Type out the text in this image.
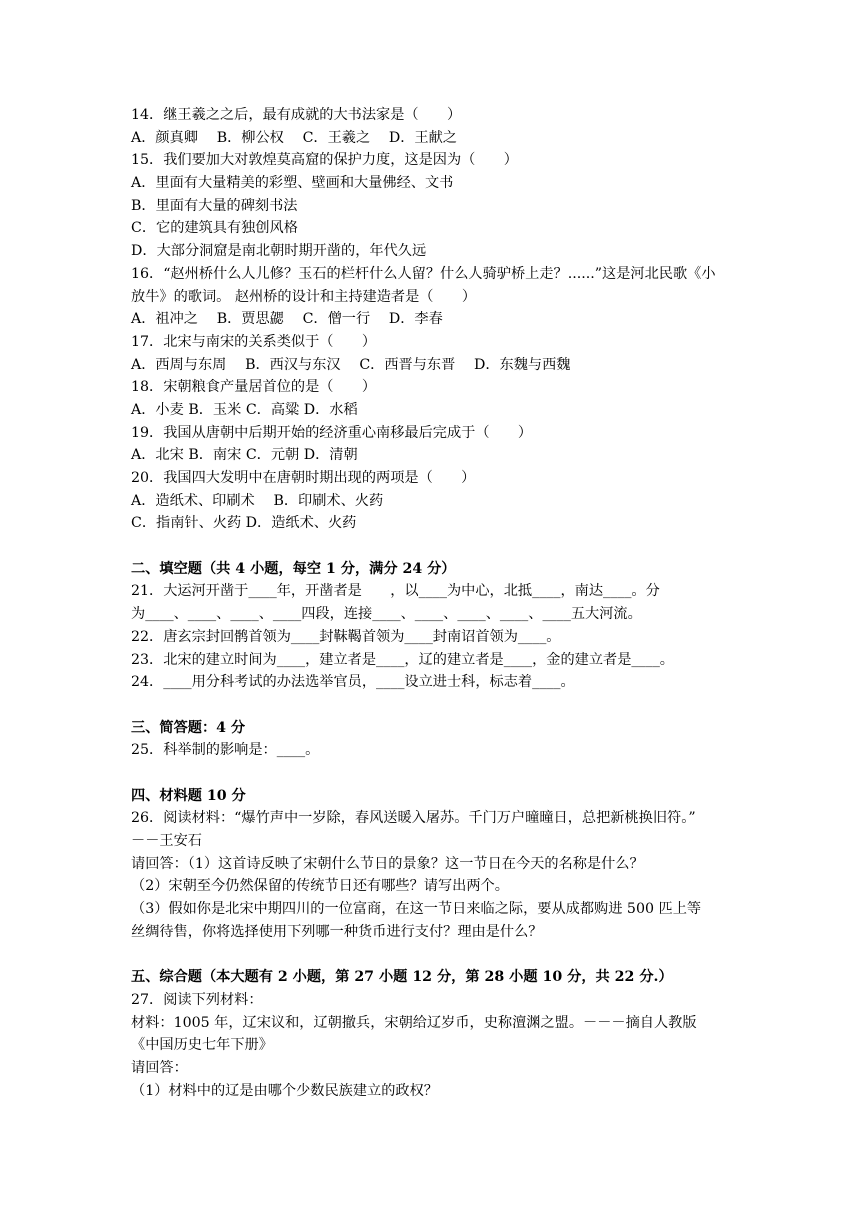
14．继王羲之之后，最有成就的大书法家是（　　）
A．颜真卿　 B．柳公权　 C．王羲之　 D．王献之
15．我们要加大对敦煌莫高窟的保护力度，这是因为（　　）
A．里面有大量精美的彩塑、壁画和大量佛经、文书
B．里面有大量的碑刻书法
C．它的建筑具有独创风格
D．大部分洞窟是南北朝时期开凿的，年代久远
16．“赵州桥什么人儿修？玉石的栏杆什么人留？什么人骑驴桥上走？......”这是河北民歌《小
放牛》的歌词。 赵州桥的设计和主持建造者是（　　）
A．祖冲之　 B．贾思勰　 C．僧一行　 D．李春
17．北宋与南宋的关系类似于（　　）
A．西周与东周　 B．西汉与东汉　 C．西晋与东晋　 D．东魏与西魏
18．宋朝粮食产量居首位的是（　　）
A．小麦 B．玉米 C．高粱 D．水稻
19．我国从唐朝中后期开始的经济重心南移最后完成于（　　）
A．北宋 B．南宋 C．元朝 D．清朝
20．我国四大发明中在唐朝时期出现的两项是（　　）
A．造纸术、印刷术　 B．印刷术、火药
C．指南针、火药 D．造纸术、火药
二、填空题（共 4 小题，每空 1 分，满分 24 分）
21．大运河开凿于____年，开凿者是　　，以____为中心，北抵____，南达____。分
为____、____、____、____四段，连接____、____、____、____、____五大河流。
22．唐玄宗封回鹘首领为____封靺鞨首领为____封南诏首领为____。
23．北宋的建立时间为____，建立者是____，辽的建立者是____，金的建立者是____。
24．____用分科考试的办法选举官员，____设立进士科，标志着____。
三、简答题：4 分
25．科举制的影响是：____。
四、材料题 10 分
26．阅读材料：“爆竹声中一岁除，春风送暖入屠苏。千门万户曈曈日，总把新桃换旧符。”
－－王安石
请回答：（1）这首诗反映了宋朝什么节日的景象？这一节日在今天的名称是什么？
（2）宋朝至今仍然保留的传统节日还有哪些？请写出两个。
（3）假如你是北宋中期四川的一位富商，在这一节日来临之际，要从成都购进 500 匹上等
丝绸待售，你将选择使用下列哪一种货币进行支付？理由是什么？
五、综合题（本大题有 2 小题，第 27 小题 12 分，第 28 小题 10 分，共 22 分.）
27．阅读下列材料：
材料：1005 年，辽宋议和，辽朝撤兵，宋朝给辽岁币，史称澶渊之盟。－－－摘自人教版
《中国历史七年下册》
请回答：
（1）材料中的辽是由哪个少数民族建立的政权？
